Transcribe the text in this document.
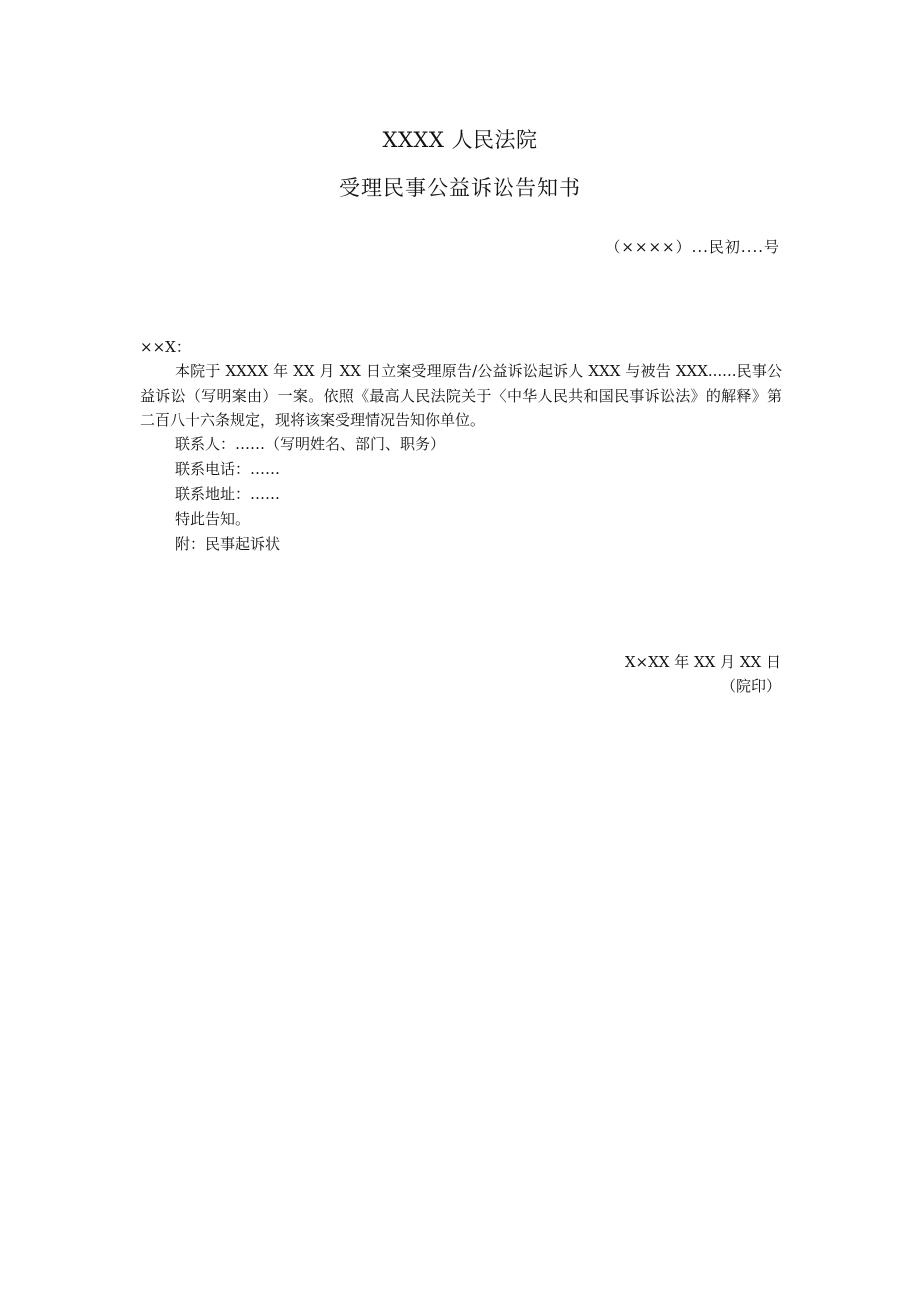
XXXX 人民法院
受理民事公益诉讼告知书
（××××）...民初....号
××X：

本院于 XXXX 年 XX 月 XX 日立案受理原告/公益诉讼起诉人 XXX 与被告 XXX......民事公益诉讼（写明案由）一案。依照《最高人民法院关于〈中华人民共和国民事诉讼法》的解释》第二百八十六条规定，现将该案受理情况告知你单位。

联系人：……（写明姓名、部门、职务）
联系电话：……
联系地址：……
特此告知。
附：民事起诉状
X×XX 年 XX 月 XX 日
（院印）
